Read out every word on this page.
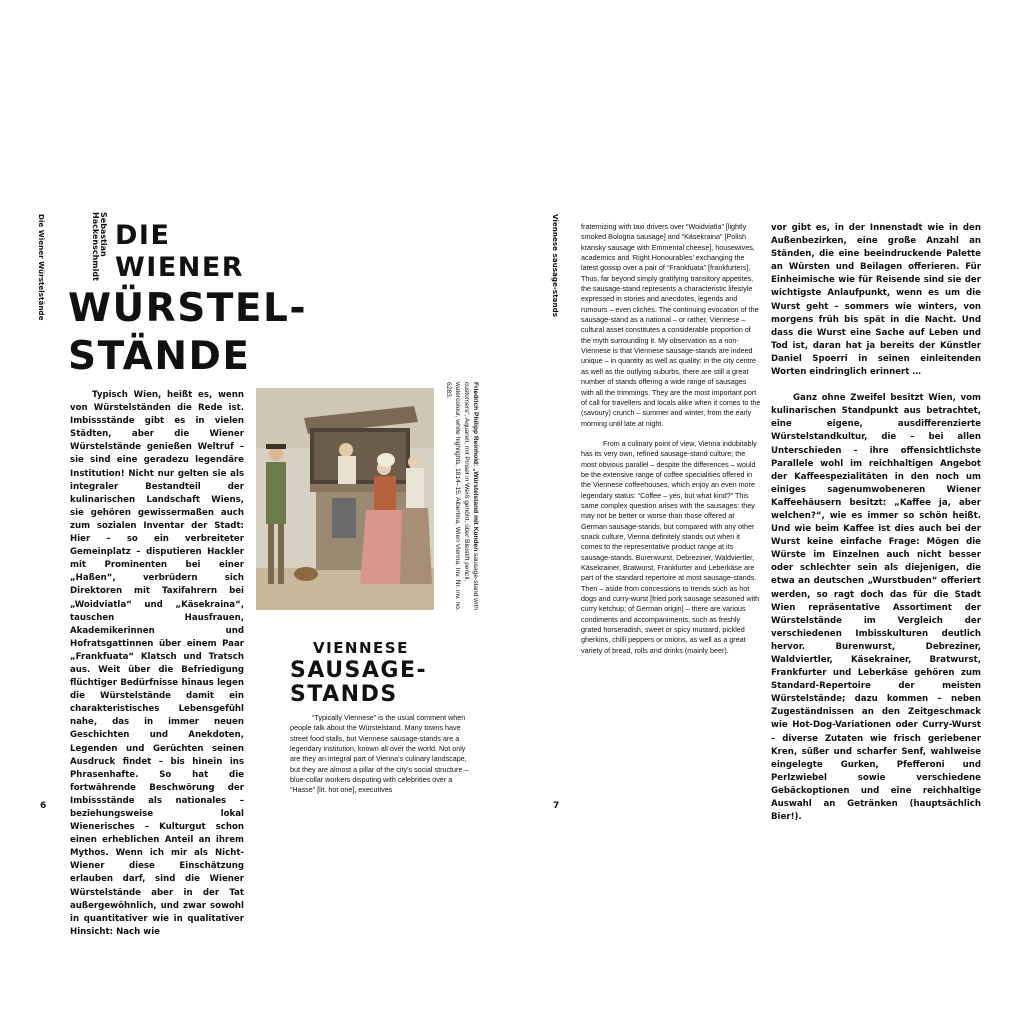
Die Wiener Würstelstände	Sebastian
Hackenschmidt DIE
WIENER
WÜRSTEL-
STÄNDE

Typisch Wien, heißt es, wenn von Würstelständen die Rede ist. Imbissstände gibt es in vielen Städten, aber die Wiener Würstelstände genießen Weltruf – sie sind eine geradezu legendäre Institution! Nicht nur gelten sie als integraler Bestandteil der kulinarischen Landschaft Wiens, sie gehören gewissermaßen auch zum sozialen Inventar der Stadt: Hier – so ein verbreiteter Gemeinplatz – disputieren Hackler mit Prominenten bei einer „Haßen“, verbrüdern sich Direktoren mit Taxifahrern bei „Woidviatla“ und „Käsekraina“, tauschen Hausfrauen, Akademikerinnen und Hofratsgattinnen über einem Paar „Frankfuata“ Klatsch und Tratsch aus. Weit über die Befriedigung flüchtiger Bedürfnisse hinaus legen die Würstelstände damit ein charakteristisches Lebensgefühl nahe, das in immer neuen Geschichten und Anekdoten, Legenden und Gerüchten seinen Ausdruck findet – bis hinein ins Phrasenhafte. So hat die fortwährende Beschwörung der Imbissstände als nationales – beziehungsweise lokal Wienerisches – Kulturgut schon einen erheblichen Anteil an ihrem Mythos. Wenn ich mir als Nicht-Wiener diese Einschätzung erlauben darf, sind die Wiener Würstelstände aber in der Tat außergewöhnlich, und zwar sowohl in quantitativer wie in qualitativer Hinsicht: Nach wie

Friedrich Philipp Reinhold: „Würstelstand mit Kunden sausage-stand with customers“, Aquarell, mit Pinsel in Weiß gehöht, über Bleistift pencil, watercolour, white highlights, 1814–15. Albertina, Wien Vienna, Inv. Nr. inv. no. 6283.
VIENNESE
SAUSAGE-
STANDS

“Typically Viennese” is the usual comment when people talk about the Würstelstand. Many towns have street food stalls, but Viennese sausage-stands are a legendary institution, known all over the world. Not only are they an integral part of Vienna’s culinary landscape, but they are almost a pillar of the city’s social structure – blue-collar workers disputing with celebrities over a “Hasse” [lit. hot one], executives

6
Viennese sausage-stands	fraternizing with taxi drivers over “Woidviatla” [lightly smoked Bologna sausage] and “Käsekraina” [Polish kransky sausage with Emmental cheese], housewives, academics and ‘Right Honourables’ exchanging the latest gossip over a pair of “Frankfuata” [frankfurters]. Thus, far beyond simply gratifying transitory appetites, the sausage-stand represents a characteristic lifestyle expressed in stories and anecdotes, legends and rumours – even clichés. The continuing evocation of the sausage-stand as a national – or rather, Viennese – cultural asset constitutes a considerable proportion of the myth surrounding it. My observation as a non-Viennese is that Viennese sausage-stands are indeed unique – in quantity as well as quality: in the city centre as well as the outlying suburbs, there are still a great number of stands offering a wide range of sausages with all the trimmings. They are the most important port of call for travellers and locals alike when it comes to the (savoury) crunch – summer and winter, from the early morning until late at night.

From a culinary point of view, Vienna indubitably has its very own, refined sausage-stand culture; the most obvious parallel – despite the differences – would be the extensive range of coffee specialities offered in the Viennese coffeehouses, which enjoy an even more legendary status: “Coffee – yes, but what kind?” This same complex question arises with the sausages: they may not be better or worse than those offered at German sausage-stands, but compared with any other snack culture, Vienna definitely stands out when it comes to the representative product range at its sausage-stands. Burenwurst, Debreziner, Waldviertler, Käsekrainer, Bratwurst, Frankfurter and Leberkäse are part of the standard repertoire at most sausage-stands. Then – aside from concessions to trends such as hot dogs and curry-wurst [fried pork sausage seasoned with curry ketchup; of German origin] – there are various condiments and accompaniments, such as freshly grated horseradish, sweet or spicy mustard, pickled gherkins, chilli peppers or onions, as well as a great variety of bread, rolls and drinks (mainly beer).

vor gibt es, in der Innenstadt wie in den Außenbezirken, eine große Anzahl an Ständen, die eine beeindruckende Palette an Würsten und Beilagen offerieren. Für Einheimische wie für Reisende sind sie der wichtigste Anlaufpunkt, wenn es um die Wurst geht – sommers wie winters, von morgens früh bis spät in die Nacht. Und dass die Wurst eine Sache auf Leben und Tod ist, daran hat ja bereits der Künstler Daniel Spoerri in seinen einleitenden Worten eindringlich erinnert …

Ganz ohne Zweifel besitzt Wien, vom kulinarischen Standpunkt aus betrachtet, eine eigene, ausdifferenzierte Würstelstandkultur, die – bei allen Unterschieden – ihre offensichtlichste Parallele wohl im reichhaltigen Angebot der Kaffeespezialitäten in den noch um einiges sagenumwobeneren Wiener Kaffeehäusern besitzt: „Kaffee ja, aber welchen?“, wie es immer so schön heißt. Und wie beim Kaffee ist dies auch bei der Wurst keine einfache Frage: Mögen die Würste im Einzelnen auch nicht besser oder schlechter sein als diejenigen, die etwa an deutschen „Wurstbuden“ offeriert werden, so ragt doch das für die Stadt Wien repräsentative Assortiment der Würstelstände im Vergleich der verschiedenen Imbisskulturen deutlich hervor. Burenwurst, Debreziner, Waldviertler, Käsekrainer, Bratwurst, Frankfurter und Leberkäse gehören zum Standard-Repertoire der meisten Würstelstände; dazu kommen – neben Zugeständnissen an den Zeitgeschmack wie Hot-Dog-Variationen oder Curry-Wurst – diverse Zutaten wie frisch geriebener Kren, süßer und scharfer Senf, wahlweise eingelegte Gurken, Pfefferoni und Perlzwiebel sowie verschiedene Gebäckoptionen und eine reichhaltige Auswahl an Getränken (hauptsächlich Bier!).

7
